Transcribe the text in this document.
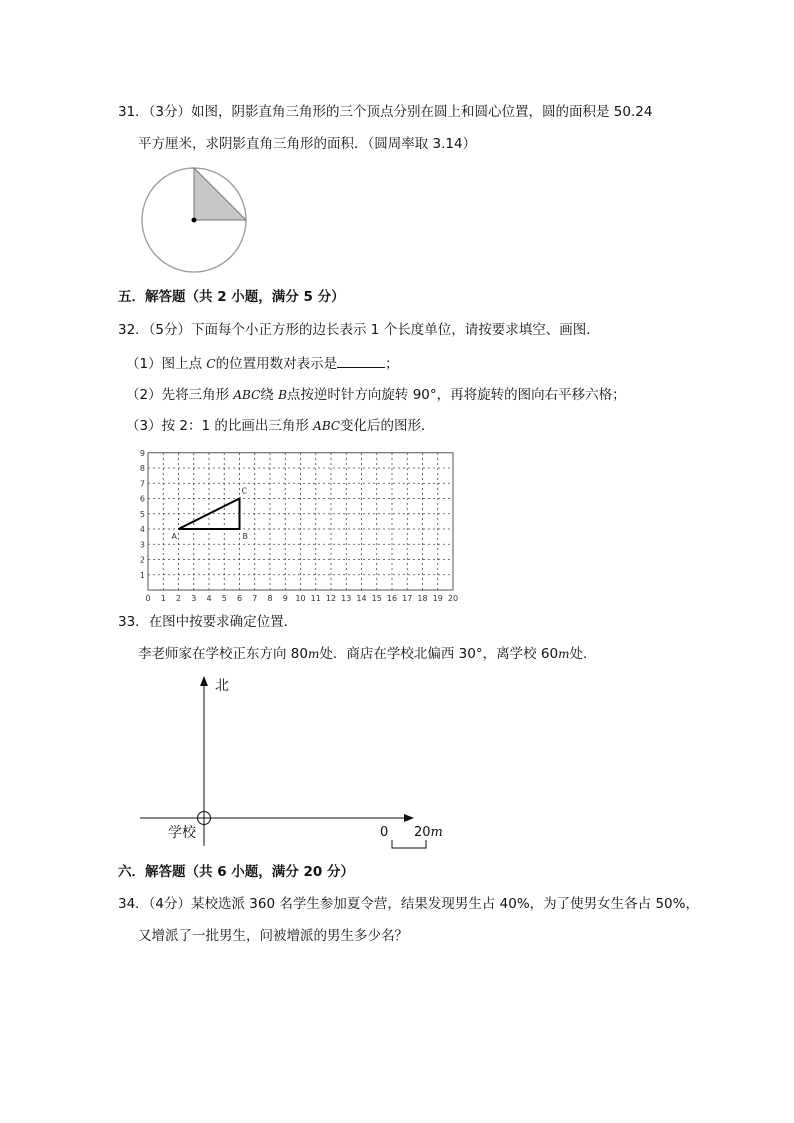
31．（3分）如图，阴影直角三角形的三个顶点分别在圆上和圆心位置，圆的面积是 50.24
平方厘米，求阴影直角三角形的面积．（圆周率取 3.14）
0 1 2 3 4 5 6 7 8 9 10 11 12 13 14 15 16 17 18 19 20
1
2
3
4
5
6
7
8
9
A	B
C
北
学校	0 20m
五．解答题（共 2 小题，满分 5 分）
32．（5分）下面每个小正方形的边长表示 1 个长度单位，请按要求填空、画图．
（1）图上点 C的位置用数对表示是	；
（2）先将三角形 ABC绕 B点按逆时针方向旋转 90°，再将旋转的图向右平移六格；
（3）按 2：1 的比画出三角形 ABC变化后的图形．
33．在图中按要求确定位置．
李老师家在学校正东方向 80m处．商店在学校北偏西 30°，离学校 60m处．
六．解答题（共 6 小题，满分 20 分）
34．（4分）某校选派 360 名学生参加夏令营，结果发现男生占 40%，为了使男女生各占 50%，
又增派了一批男生，问被增派的男生多少名？
